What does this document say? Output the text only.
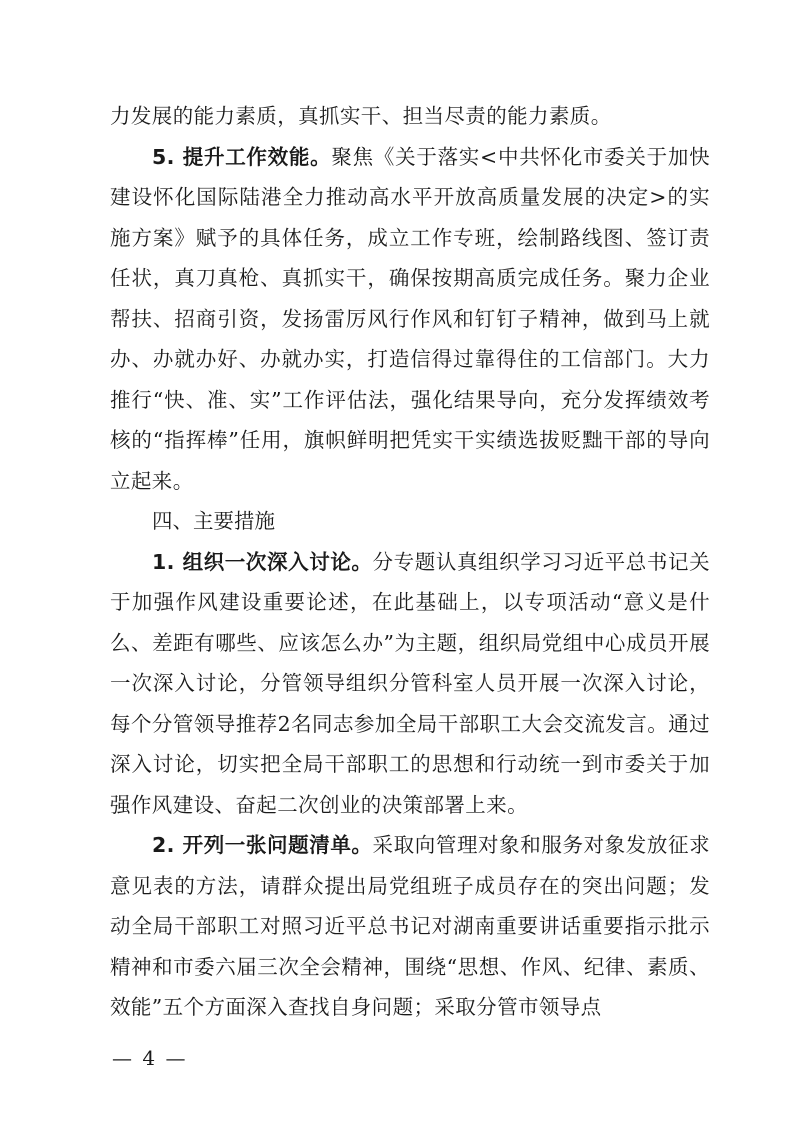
力发展的能力素质，真抓实干、担当尽责的能力素质。

5. 提升工作效能。聚焦《关于落实<中共怀化市委关于加快建设怀化国际陆港全力推动高水平开放高质量发展的决定>的实施方案》赋予的具体任务，成立工作专班，绘制路线图、签订责任状，真刀真枪、真抓实干，确保按期高质完成任务。聚力企业帮扶、招商引资，发扬雷厉风行作风和钉钉子精神，做到马上就办、办就办好、办就办实，打造信得过靠得住的工信部门。大力推行“快、准、实”工作评估法，强化结果导向，充分发挥绩效考核的“指挥棒”任用，旗帜鲜明把凭实干实绩选拔贬黜干部的导向立起来。

四、主要措施

1. 组织一次深入讨论。分专题认真组织学习习近平总书记关于加强作风建设重要论述，在此基础上，以专项活动“意义是什么、差距有哪些、应该怎么办”为主题，组织局党组中心成员开展一次深入讨论，分管领导组织分管科室人员开展一次深入讨论，每个分管领导推荐2名同志参加全局干部职工大会交流发言。通过深入讨论，切实把全局干部职工的思想和行动统一到市委关于加强作风建设、奋起二次创业的决策部署上来。

2. 开列一张问题清单。采取向管理对象和服务对象发放征求意见表的方法，请群众提出局党组班子成员存在的突出问题；发动全局干部职工对照习近平总书记对湖南重要讲话重要指示批示精神和市委六届三次全会精神，围绕“思想、作风、纪律、素质、效能”五个方面深入查找自身问题；采取分管市领导点

— 4 —
